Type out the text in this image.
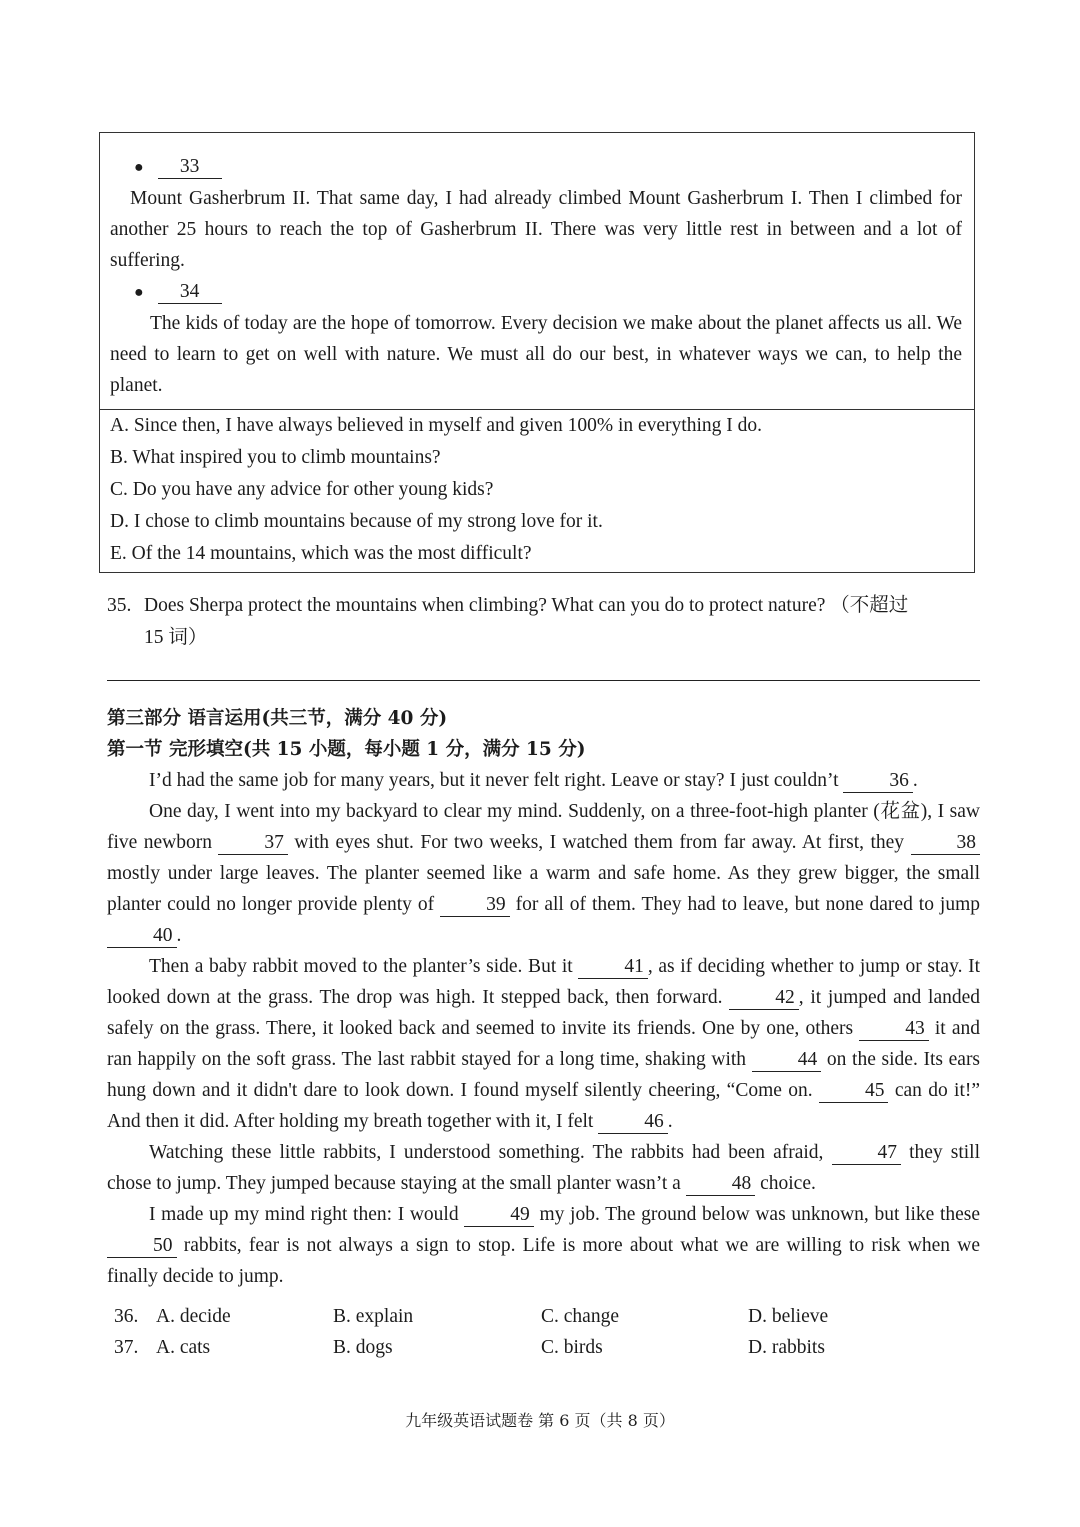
●	33

Mount Gasherbrum II. That same day, I had already climbed Mount Gasherbrum I. Then I climbed for another 25 hours to reach the top of Gasherbrum II. There was very little rest in between and a lot of suffering.

●	34

The kids of today are the hope of tomorrow. Every decision we make about the planet affects us all. We need to learn to get on well with nature. We must all do our best, in whatever ways we can, to help the planet.

A. Since then, I have always believed in myself and given 100% in everything I do.
B. What inspired you to climb mountains?
C. Do you have any advice for other young kids?
D. I chose to climb mountains because of my strong love for it.
E. Of the 14 mountains, which was the most difficult?
35. Does Sherpa protect the mountains when climbing? What can you do to protect nature? （不超过
15 词）
第三部分 语言运用(共三节，满分 40 分)
第一节 完形填空(共 15 小题，每小题 1 分，满分 15 分)

I’d had the same job for many years, but it never felt right. Leave or stay? I just couldn’t	36 .

One day, I went into my backyard to clear my mind. Suddenly, on a three-foot-high planter (花盆), I saw five newborn	37 with eyes shut. For two weeks, I watched them from far away. At first, they	38 mostly under large leaves. The planter seemed like a warm and safe home. As they grew bigger, the small planter could no longer provide plenty of	39 for all of them. They had to leave, but none dared to jump 40 .

Then a baby rabbit moved to the planter’s side. But it	41 , as if deciding whether to jump or stay. It looked down at the grass. The drop was high. It stepped back, then forward.	42 , it jumped and landed safely on the grass. There, it looked back and seemed to invite its friends. One by one, others	43 it and ran happily on the soft grass. The last rabbit stayed for a long time, shaking with	44 on the side. Its ears hung down and it didn't dare to look down. I found myself silently cheering, “Come on.	45 can do it!” And then it did. After holding my breath together with it, I felt	46 .

Watching these little rabbits, I understood something. The rabbits had been afraid,	47 they still chose to jump. They jumped because staying at the small planter wasn’t a	48 choice.

I made up my mind right then: I would	49 my job. The ground below was unknown, but like these 50 rabbits, fear is not always a sign to stop. Life is more about what we are willing to risk when we finally decide to jump.

36. A. decide	B. explain	C. change	D. believe
37. A. cats	B. dogs	C. birds	D. rabbits
九年级英语试题卷 第 6 页（共 8 页）
